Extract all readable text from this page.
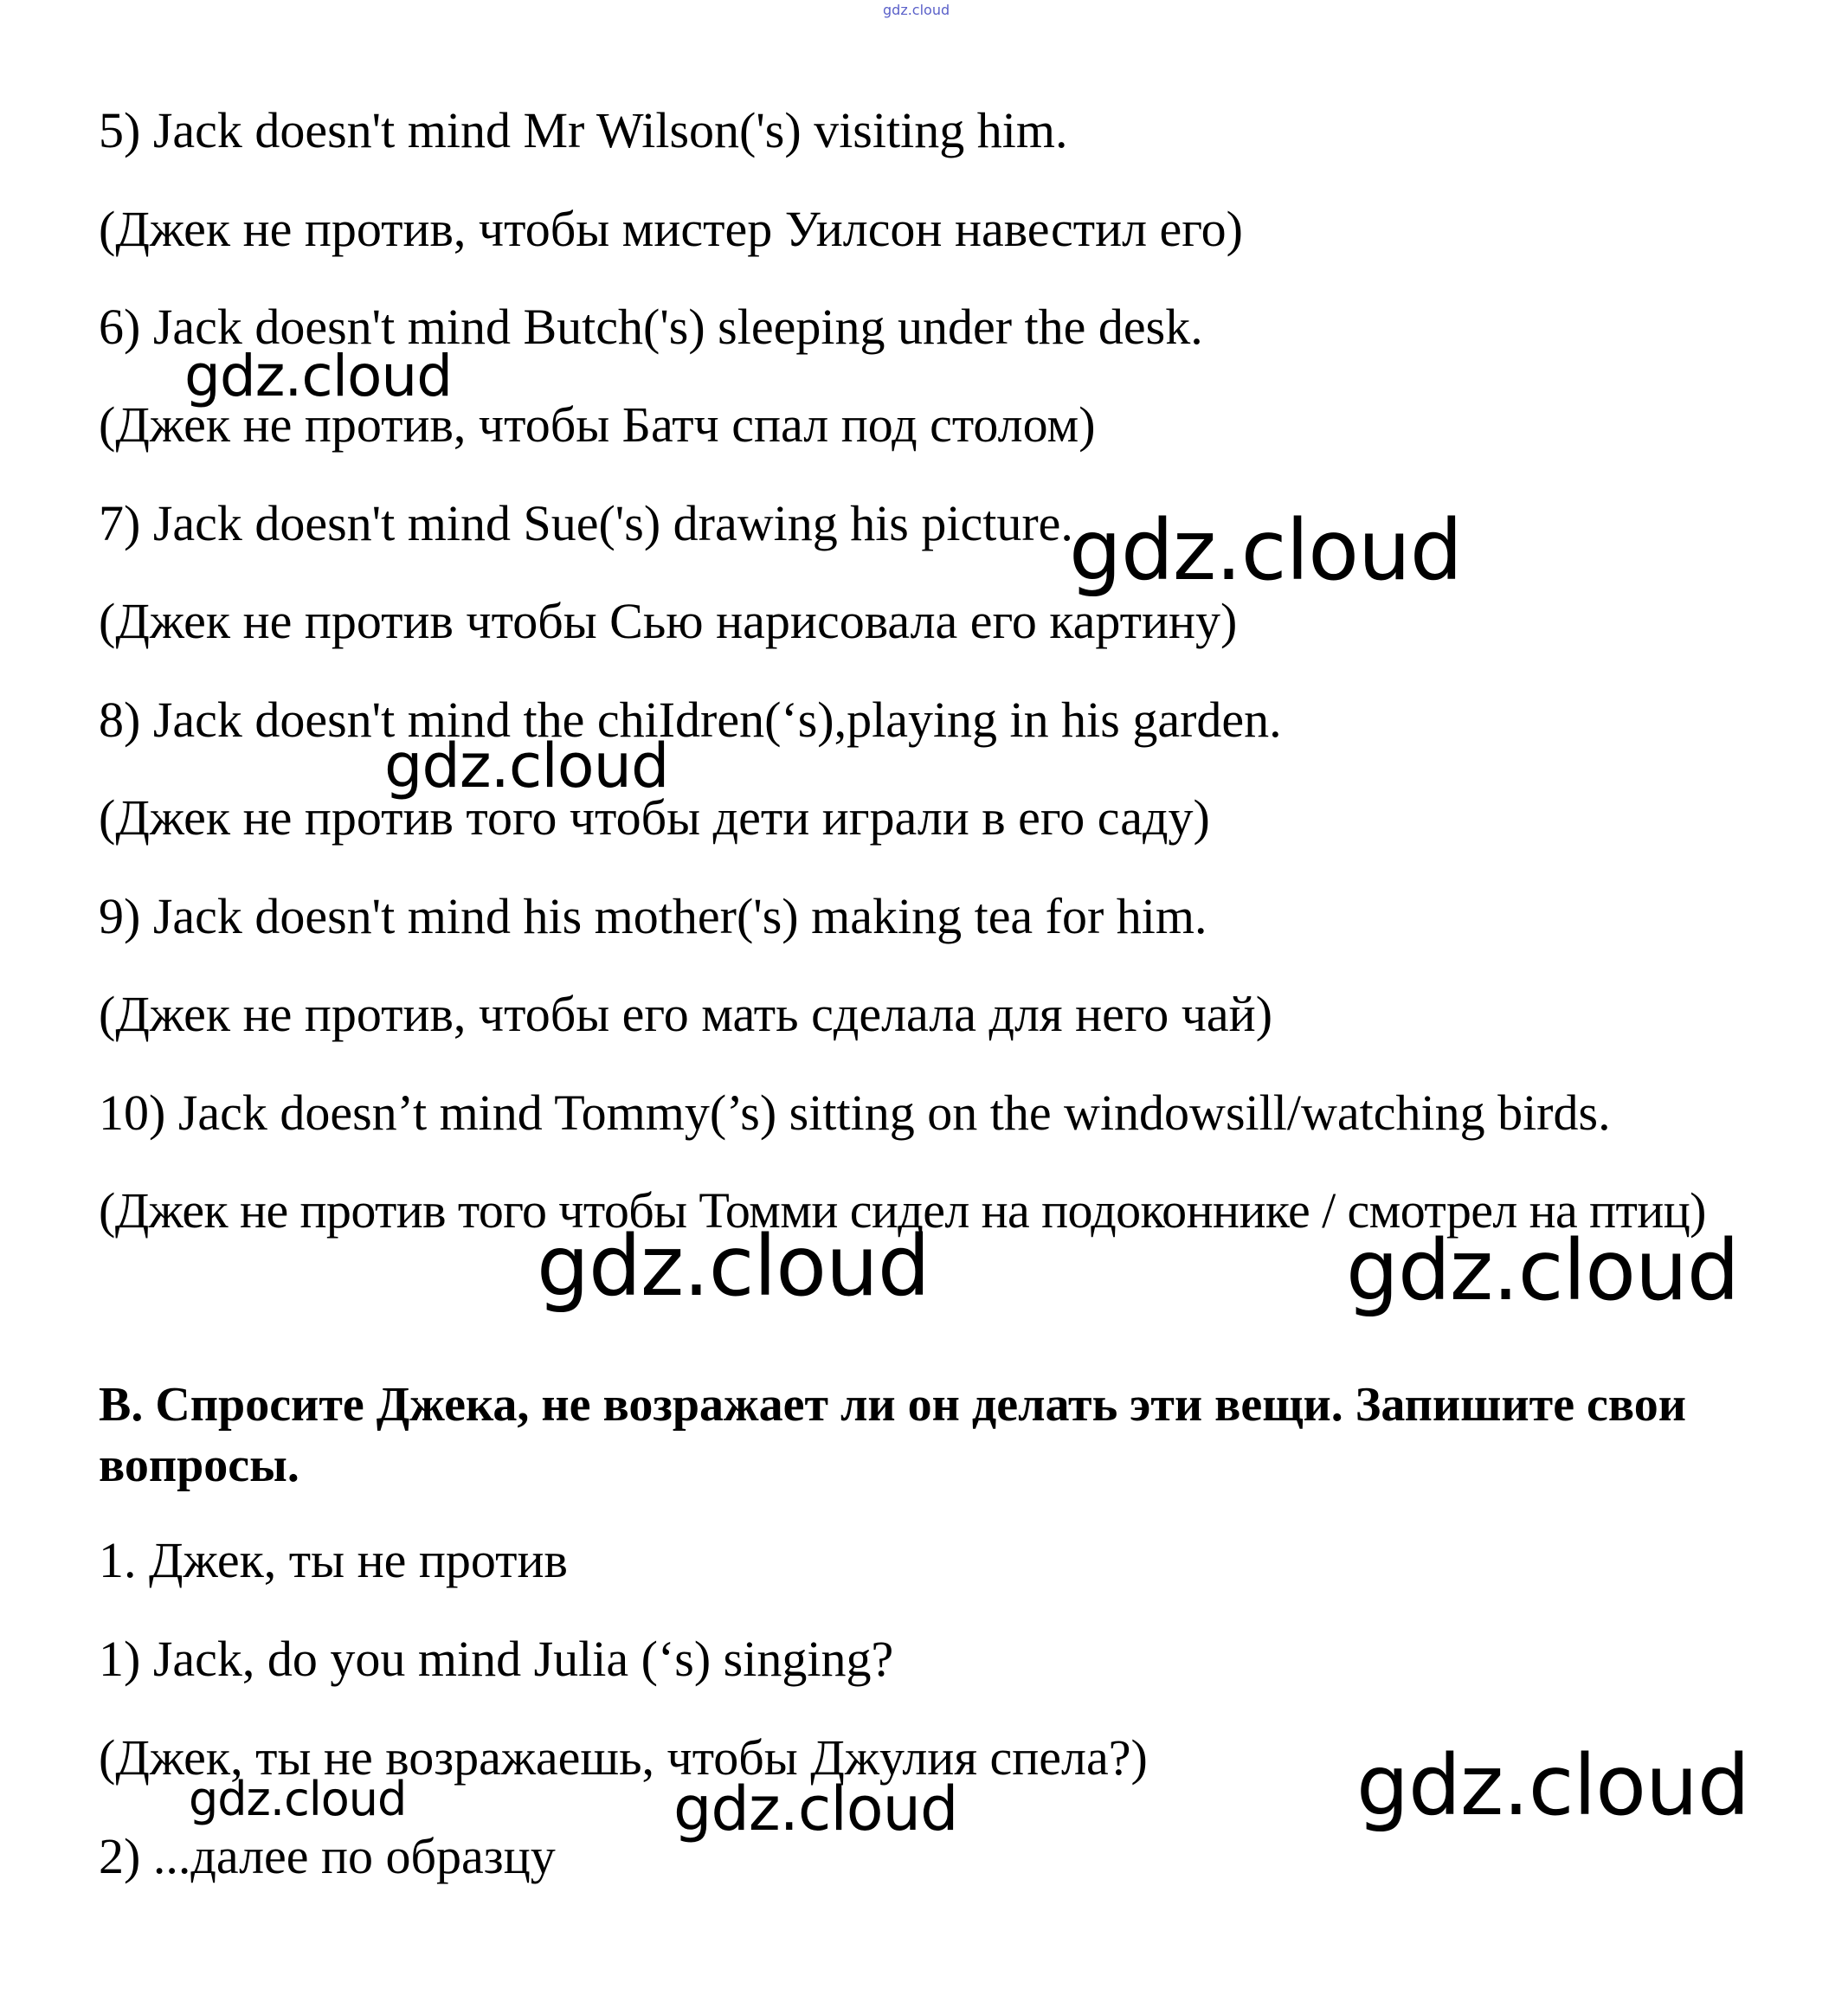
gdz.cloud

5) Jack doesn't mind Mr Wilson('s) visiting him.

(Джек не против, чтобы мистер Уилсон навестил его)

6) Jack doesn't mind Butch('s) sleeping under the desk.

(Джек не против, чтобы Батч спал под столом)

7) Jack doesn't mind Sue('s) drawing his picture.

(Джек не против чтобы Сью нарисовала его картину)

8) Jack doesn't mind the chiIdren(‘s),playing in his garden.

(Джек не против того чтобы дети играли в его саду)

9) Jack doesn't mind his mother('s) making tea for him.

(Джек не против, чтобы его мать сделала для него чай)

10) Jack doesn’t mind Tommy(’s) sitting on the windowsill/watching birds.

(Джек не против того чтобы Томми сидел на подоконнике / смотрел на птиц)

B. Спросите Джека, не возражает ли он делать эти вещи. Запишите свои вопросы.

1. Джек, ты не против

1) Jack, do you mind Julia (‘s) singing?

(Джек, ты не возражаешь, чтобы Джулия спела?)

2) ...далее по образцу

gdz.cloud
gdz.cloud
gdz.cloud
gdz.cloud	gdz.cloud
gdz.cloud	gdz.cloud	gdz.cloud
